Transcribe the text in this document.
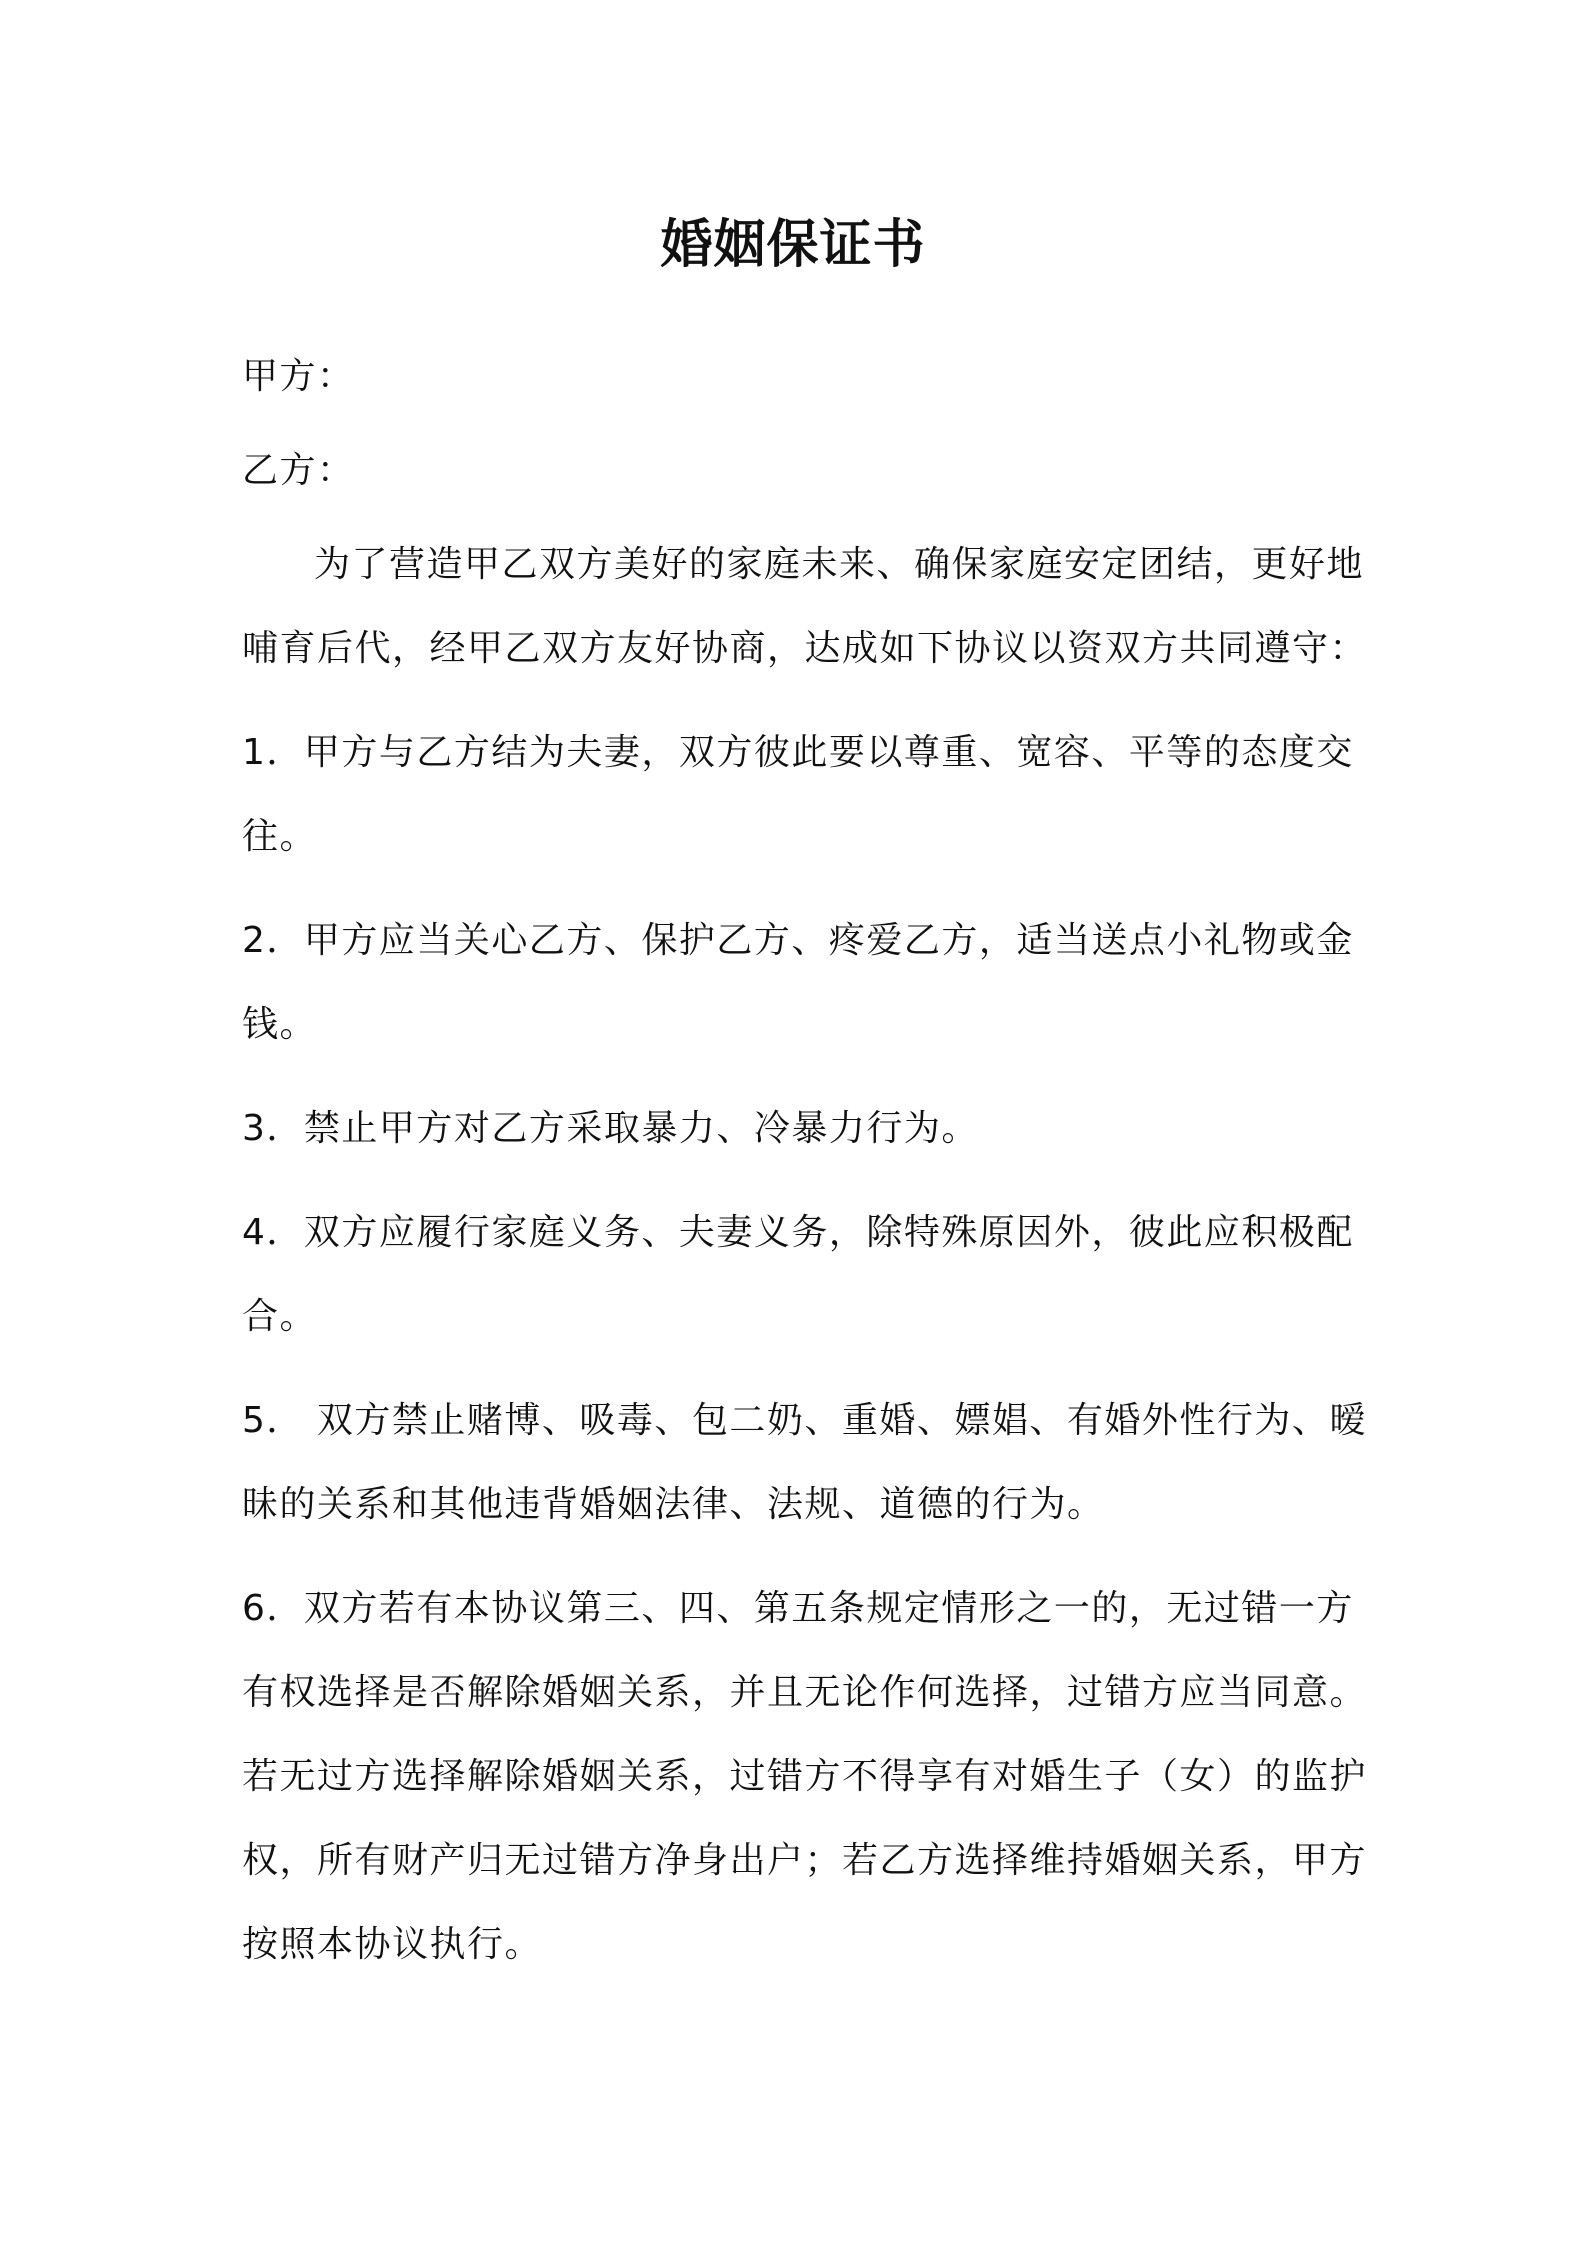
婚姻保证书
甲方：
乙方：
为了营造甲乙双方美好的家庭未来、确保家庭安定团结，更好地
哺育后代，经甲乙双方友好协商，达成如下协议以资双方共同遵守：
1．甲方与乙方结为夫妻，双方彼此要以尊重、宽容、平等的态度交
往。
2．甲方应当关心乙方、保护乙方、疼爱乙方，适当送点小礼物或金
钱。
3．禁止甲方对乙方采取暴力、冷暴力行为。
4．双方应履行家庭义务、夫妻义务，除特殊原因外，彼此应积极配
合。
5． 双方禁止赌博、吸毒、包二奶、重婚、嫖娼、有婚外性行为、暧
昧的关系和其他违背婚姻法律、法规、道德的行为。
6．双方若有本协议第三、四、第五条规定情形之一的，无过错一方
有权选择是否解除婚姻关系，并且无论作何选择，过错方应当同意。
若无过方选择解除婚姻关系，过错方不得享有对婚生子（女）的监护
权，所有财产归无过错方净身出户；若乙方选择维持婚姻关系，甲方
按照本协议执行。
